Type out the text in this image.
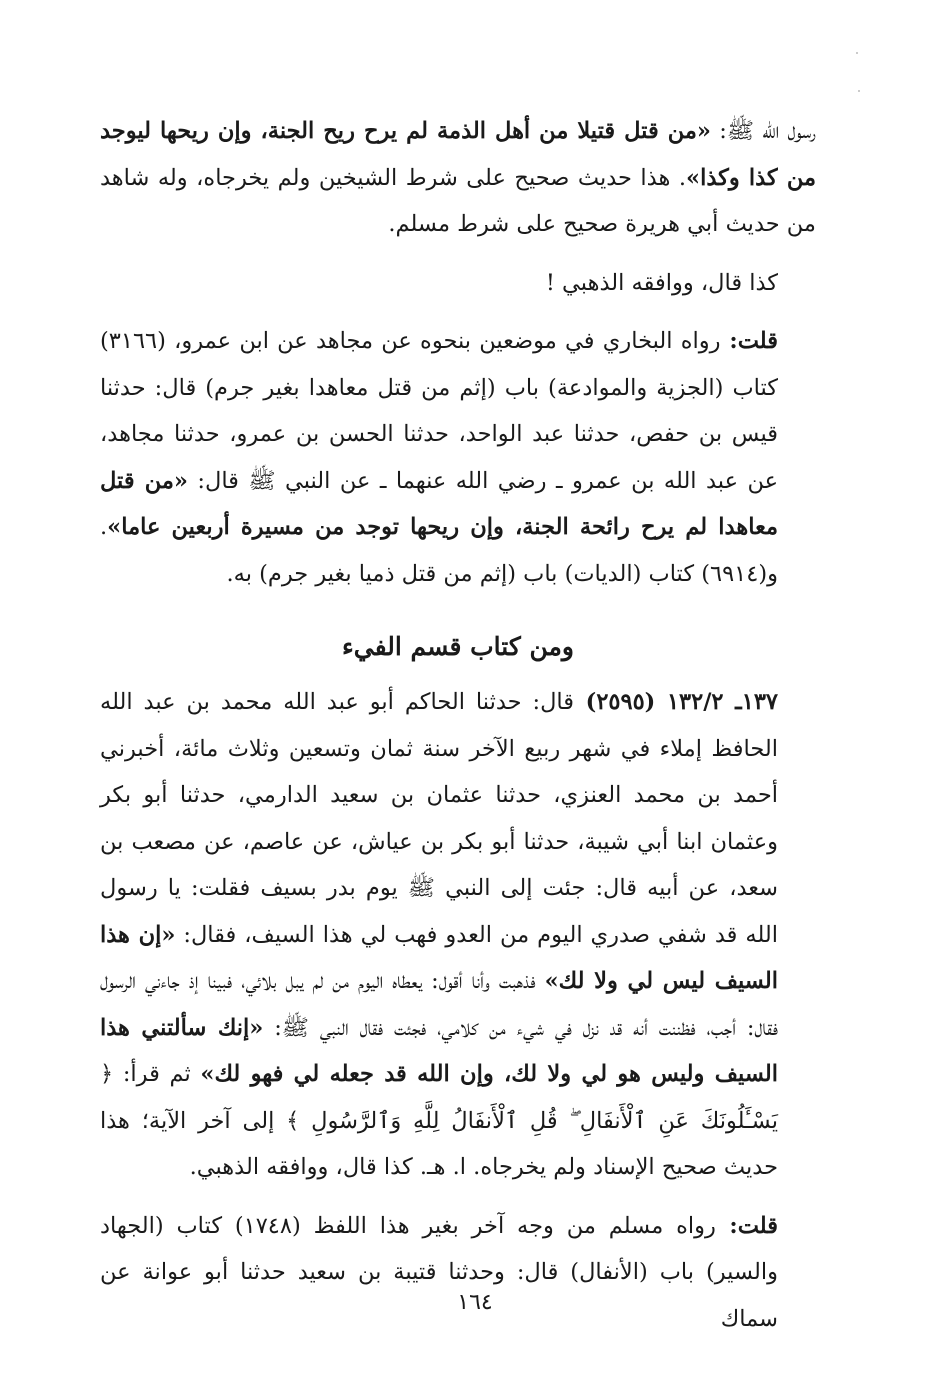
رسول الله ﷺ: «من قتل قتيلا من أهل الذمة لم يرح ريح الجنة، وإن ريحها ليوجد من كذا وكذا». هذا حديث صحيح على شرط الشيخين ولم يخرجاه، وله شاهد من حديث أبي هريرة صحيح على شرط مسلم.

كذا قال، ووافقه الذهبي !

قلت: رواه البخاري في موضعين بنحوه عن مجاهد عن ابن عمرو، (٣١٦٦) كتاب (الجزية والموادعة) باب (إثم من قتل معاهدا بغير جرم) قال: حدثنا قيس بن حفص، حدثنا عبد الواحد، حدثنا الحسن بن عمرو، حدثنا مجاهد، عن عبد الله بن عمرو ـ رضي الله عنهما ـ عن النبي ﷺ قال: «من قتل معاهدا لم يرح رائحة الجنة، وإن ريحها توجد من مسيرة أربعين عاما». و(٦٩١٤) كتاب (الديات) باب (إثم من قتل ذميا بغير جرم) به.

ومن كتاب قسم الفيء

١٣٧ـ ١٣٢/٢ (٢٥٩٥) قال: حدثنا الحاكم أبو عبد الله محمد بن عبد الله الحافظ إملاء في شهر ربيع الآخر سنة ثمان وتسعين وثلاث مائة، أخبرني أحمد بن محمد العنزي، حدثنا عثمان بن سعيد الدارمي، حدثنا أبو بكر وعثمان ابنا أبي شيبة، حدثنا أبو بكر بن عياش، عن عاصم، عن مصعب بن سعد، عن أبيه قال: جئت إلى النبي ﷺ يوم بدر بسيف فقلت: يا رسول الله قد شفي صدري اليوم من العدو فهب لي هذا السيف، فقال: «إن هذا السيف ليس لي ولا لك» فذهبت وأنا أقول: يعطاه اليوم من لم يبل بلائي، فبينا إذ جاءني الرسول فقال: أجب، فظننت أنه قد نزل في شيء من كلامي، فجئت فقال النبي ﷺ: «إنك سألتني هذا السيف وليس هو لي ولا لك، وإن الله قد جعله لي فهو لك» ثم قرأ: ﴿ يَسْـَٔلُونَكَ عَنِ ٱلْأَنفَالِ ۖ قُلِ ٱلْأَنفَالُ لِلَّهِ وَٱلرَّسُولِ ﴾ إلى آخر الآية؛ هذا حديث صحيح الإسناد ولم يخرجاه. ا. هـ. كذا قال، ووافقه الذهبي.

قلت: رواه مسلم من وجه آخر بغير هذا اللفظ (١٧٤٨) كتاب (الجهاد والسير) باب (الأنفال) قال: وحدثنا قتيبة بن سعيد حدثنا أبو عوانة عن سماك

١٦٤
